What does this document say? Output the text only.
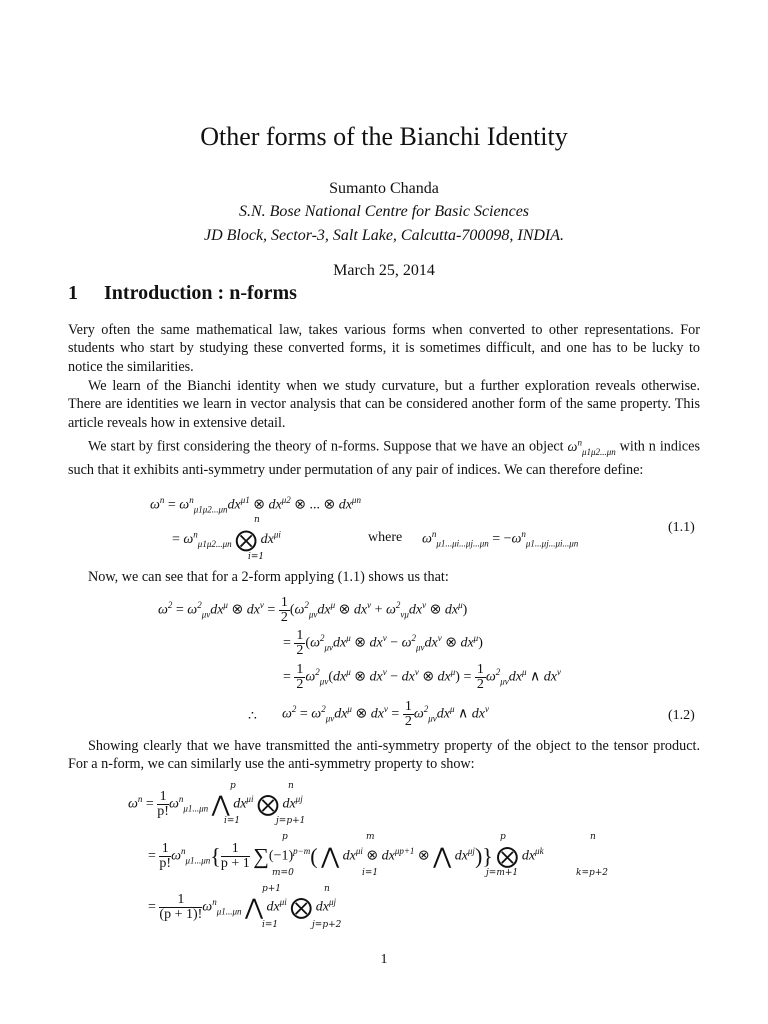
Other forms of the Bianchi Identity
Sumanto Chanda
S.N. Bose National Centre for Basic Sciences
JD Block, Sector-3, Salt Lake, Calcutta-700098, INDIA.
March 25, 2014
1 Introduction : n-forms
Very often the same mathematical law, takes various forms when converted to other representations. For students who start by studying these converted forms, it is sometimes difficult, and one has to be lucky to notice the similarities.
We learn of the Bianchi identity when we study curvature, but a further exploration reveals otherwise. There are identities we learn in vector analysis that can be considered another form of the same property. This article reveals how in extensive detail.
We start by first considering the theory of n-forms. Suppose that we have an object $\omega^n_{\mu 1\mu 2...\mu n}$ with n indices such that it exhibits anti-symmetry under permutation of any pair of indices. We can therefore define:
$\omega^n = \omega^n_{\mu 1\mu 2...\mu n}dx^{\mu 1}$ ⊗ $dx^{\mu 2}$ ⊗ ... ⊗ $dx^{\mu n}$
= $\omega^n_{\mu 1\mu 2...\mu n}$ ⨂ $dx^{\mu i}$
n
i=1
where $\omega^n_{\mu 1...\mu i...\mu j...\mu n} = -\omega^n_{\mu 1...\mu j...\mu i...\mu n}$
(1.1)
Now, we can see that for a 2-form applying (1.1) shows us that:
$\omega^2 = \omega^2_{\mu\nu}dx^\mu$ ⊗ $dx^\nu = \frac{1}{2} (\omega^2_{\mu\nu}dx^\mu$ ⊗ $dx^\nu + \omega^2_{\nu\mu}dx^\nu$ ⊗ $dx^\mu$)
= $\frac{1}{2} (\omega^2_{\mu\nu}dx^\mu$ ⊗ $dx^\nu - \omega^2_{\mu\nu}dx^\nu$ ⊗ $dx^\mu$)
= $\frac{1}{2} \omega^2_{\mu\nu}(dx^\mu$ ⊗ $dx^\nu - dx^\nu$ ⊗ $dx^\mu) = \frac{1}{2} \omega^2_{\mu\nu}dx^\mu$ ∧ $dx^\nu$
∴ $\omega^2 = \omega^2_{\mu\nu}dx^\mu$ ⊗ $dx^\nu = \frac{1}{2} \omega^2_{\mu\nu}dx^\mu$ ∧ $dx^\nu$	(1.2)
Showing clearly that we have transmitted the anti-symmetry property of the object to the tensor product. For a n-form, we can similarly use the anti-symmetry property to show:
$\omega^n = \frac{1}{p!} \omega^n_{\mu 1...\mu n}$ ⋀ $dx^{\mu i}$ ⨂ $dx^{\mu j}$
p
i=1
n
j=p+1
= $\frac{1}{p!} \omega^n_{\mu 1...\mu n}\{ \frac{1}{p + 1} \sum(-1)^{p-m}$( ⋀ $dx^{\mu i}$ ⊗ $dx^{\mu p+1}$ ⊗ ⋀ $dx^{\mu j}$)} ⨂ $dx^{\mu k}$
p
m=0
m
i=1
p
j=m+1
n
k=p+2
= $\frac{1}{(p + 1)!} \omega^n_{\mu 1...\mu n}$ ⋀ $dx^{\mu i}$ ⨂ $dx^{\mu j}$
p+1
i=1
n
j=p+2
1
